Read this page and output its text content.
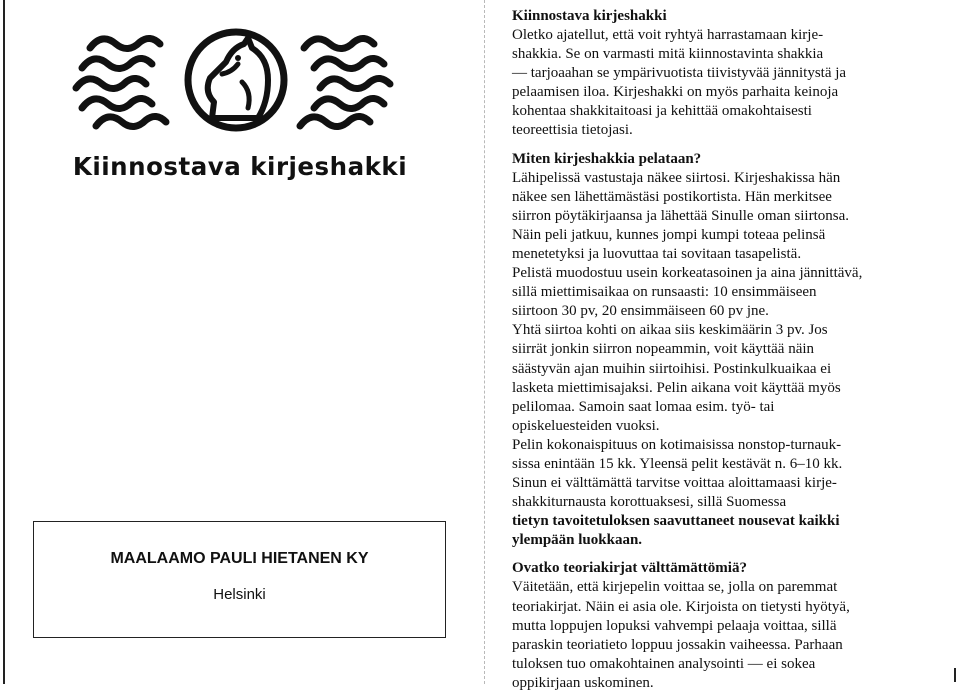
Kiinnostava kirjeshakki
MAALAAMO PAULI HIETANEN KY
Helsinki
Kiinnostava kirjeshakki

Oletko ajatellut, että voit ryhtyä harrastamaan kirje-

shakkia. Se on varmasti mitä kiinnostavinta shakkia

— tarjoaahan se ympärivuotista tiivistyvää jännitystä ja

pelaamisen iloa. Kirjeshakki on myös parhaita keinoja

kohentaa shakkitaitoasi ja kehittää omakohtaisesti

teoreettisia tietojasi.

Miten kirjeshakkia pelataan?

Lähipelissä vastustaja näkee siirtosi. Kirjeshakissa hän

näkee sen lähettämästäsi postikortista. Hän merkitsee

siirron pöytäkirjaansa ja lähettää Sinulle oman siirtonsa.

Näin peli jatkuu, kunnes jompi kumpi toteaa pelinsä

menetetyksi ja luovuttaa tai sovitaan tasapelistä.

Pelistä muodostuu usein korkeatasoinen ja aina jännittävä,

sillä miettimisaikaa on runsaasti: 10 ensimmäiseen

siirtoon 30 pv, 20 ensimmäiseen 60 pv jne.

Yhtä siirtoa kohti on aikaa siis keskimäärin 3 pv. Jos

siirrät jonkin siirron nopeammin, voit käyttää näin

säästyvän ajan muihin siirtoihisi. Postinkulkuaikaa ei

lasketa miettimisajaksi. Pelin aikana voit käyttää myös

pelilomaa. Samoin saat lomaa esim. työ- tai

opiskeluesteiden vuoksi.

Pelin kokonaispituus on kotimaisissa nonstop-turnauk-

sissa enintään 15 kk. Yleensä pelit kestävät n. 6–10 kk.

Sinun ei välttämättä tarvitse voittaa aloittamaasi kirje-

shakkiturnausta korottuaksesi, sillä Suomessa

tietyn tavoitetuloksen saavuttaneet nousevat kaikki

ylempään luokkaan.

Ovatko teoriakirjat välttämättömiä?

Väitetään, että kirjepelin voittaa se, jolla on paremmat

teoriakirjat. Näin ei asia ole. Kirjoista on tietysti hyötyä,

mutta loppujen lopuksi vahvempi pelaaja voittaa, sillä

paraskin teoriatieto loppuu jossakin vaiheessa. Parhaan

tuloksen tuo omakohtainen analysointi — ei sokea

oppikirjaan uskominen.
